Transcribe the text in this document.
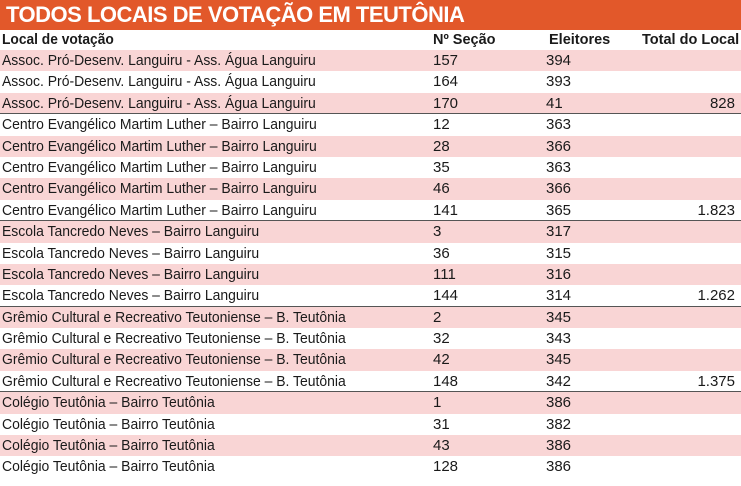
TODOS LOCAIS DE VOTAÇÃO EM TEUTÔNIA
Local de votação	Nº Seção	Eleitores	Total do Local
Assoc. Pró-Desenv. Languiru - Ass. Água Languiru	157	394
Assoc. Pró-Desenv. Languiru - Ass. Água Languiru	164	393
Assoc. Pró-Desenv. Languiru - Ass. Água Languiru	170	41	828
Centro Evangélico Martim Luther – Bairro Languiru	12	363
Centro Evangélico Martim Luther – Bairro Languiru	28	366
Centro Evangélico Martim Luther – Bairro Languiru	35	363
Centro Evangélico Martim Luther – Bairro Languiru	46	366
Centro Evangélico Martim Luther – Bairro Languiru	141	365	1.823
Escola Tancredo Neves – Bairro Languiru	3	317
Escola Tancredo Neves – Bairro Languiru	36	315
Escola Tancredo Neves – Bairro Languiru	111	316
Escola Tancredo Neves – Bairro Languiru	144	314	1.262
Grêmio Cultural e Recreativo Teutoniense – B. Teutônia	2	345
Grêmio Cultural e Recreativo Teutoniense – B. Teutônia	32	343
Grêmio Cultural e Recreativo Teutoniense – B. Teutônia	42	345
Grêmio Cultural e Recreativo Teutoniense – B. Teutônia	148	342	1.375
Colégio Teutônia – Bairro Teutônia	1	386
Colégio Teutônia – Bairro Teutônia	31	382
Colégio Teutônia – Bairro Teutônia	43	386
Colégio Teutônia – Bairro Teutônia	128	386
